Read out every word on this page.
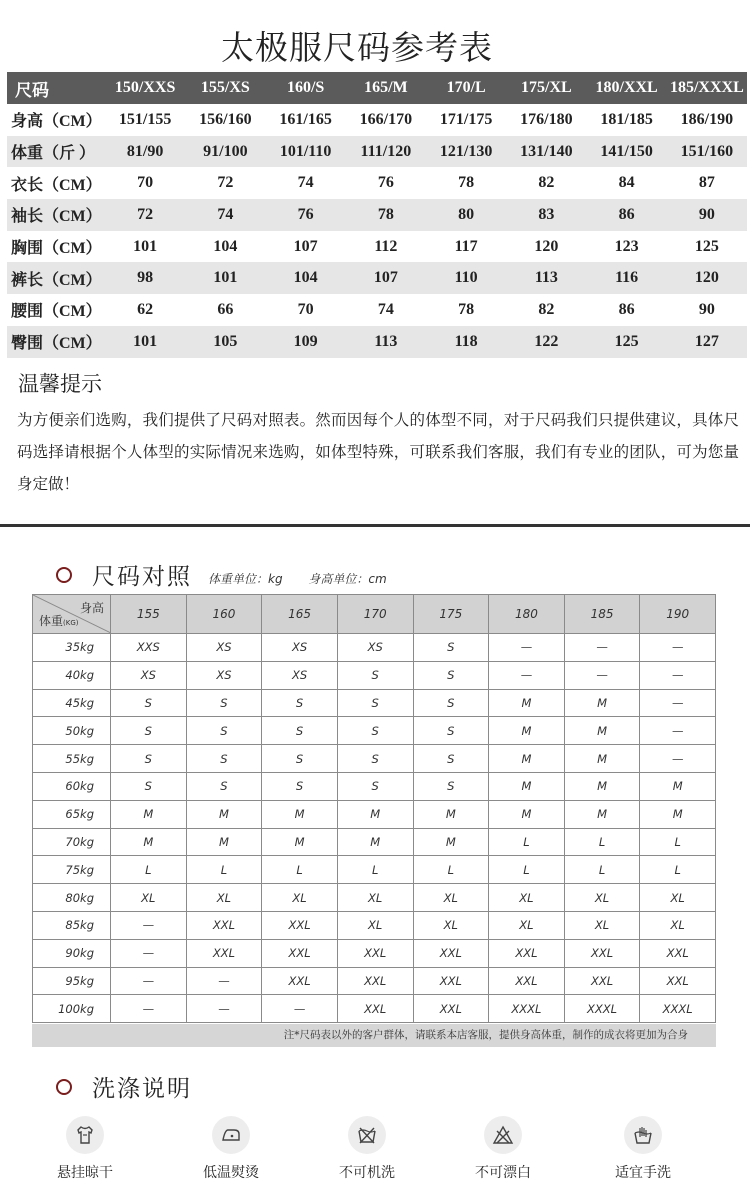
太极服尺码参考表
尺码	150/XXS	155/XS	160/S	165/M	170/L	175/XL	180/XXL	185/XXXL
身高（CM）	151/155	156/160	161/165	166/170	171/175	176/180	181/185	186/190
体重（斤 ）	81/90	91/100	101/110	111/120	121/130	131/140	141/150	151/160
衣长（CM）	70	72	74	76	78	82	84	87
袖长（CM）	72	74	76	78	80	83	86	90
胸围（CM）	101	104	107	112	117	120	123	125
裤长（CM）	98	101	104	107	110	113	116	120
腰围（CM）	62	66	70	74	78	82	86	90
臀围（CM）	101	105	109	113	118	122	125	127
温馨提示
为方便亲们选购，我们提供了尺码对照表。然而因每个人的体型不同，对于尺码我们只提供建议，具体尺码选择请根据个人体型的实际情况来选购，如体型特殊，可联系我们客服，我们有专业的团队，可为您量身定做！
尺码对照 体重单位：kg 身高单位：cm
身高
体重(KG)	155	160	165	170	175	180	185	190
35kg	XXS	XS	XS	XS	S	—	—	—
40kg	XS	XS	XS	S	S	—	—	—
45kg	S	S	S	S	S	M	M	—
50kg	S	S	S	S	S	M	M	—
55kg	S	S	S	S	S	M	M	—
60kg	S	S	S	S	S	M	M	M
65kg	M	M	M	M	M	M	M	M
70kg	M	M	M	M	M	L	L	L
75kg	L	L	L	L	L	L	L	L
80kg	XL	XL	XL	XL	XL	XL	XL	XL
85kg	—	XXL	XXL	XL	XL	XL	XL	XL
90kg	—	XXL	XXL	XXL	XXL	XXL	XXL	XXL
95kg	—	—	XXL	XXL	XXL	XXL	XXL	XXL
100kg	—	—	—	XXL	XXL	XXXL	XXXL	XXXL
注*尺码表以外的客户群体，请联系本店客服，提供身高体重，制作的成衣将更加为合身
洗涤说明
悬挂晾干	低温熨烫	不可机洗	不可漂白	适宜手洗
